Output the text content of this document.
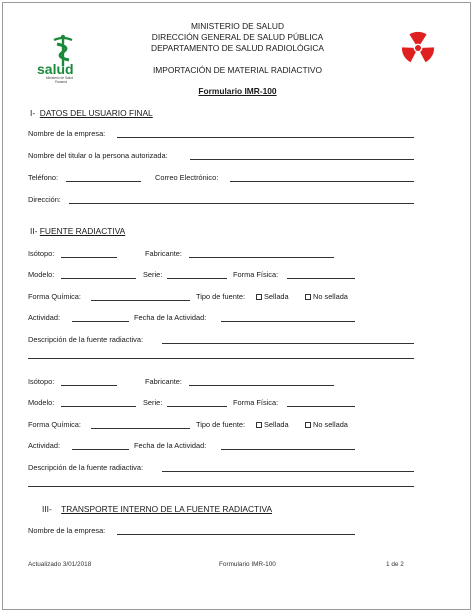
salud
Ministerio de Salud
Panamá
MINISTERIO DE SALUD
DIRECCIÓN GENERAL DE SALUD PÚBLICA
DEPARTAMENTO DE SALUD RADIOLÓGICA
IMPORTACIÓN DE MATERIAL RADIACTIVO
Formulario IMR-100
I- DATOS DEL USUARIO FINAL
Nombre de la empresa:
Nombre del titular o la persona autorizada:
Teléfono:	Correo Electrónico:
Dirección:
II- FUENTE RADIACTIVA
Isótopo:	Fabricante:
Modelo:	Serie:	Forma Física:
Forma Química:	Tipo de fuente:	Sellada	No sellada
Actividad:	Fecha de la Actividad:
Descripción de la fuente radiactiva:
Isótopo:	Fabricante:
Modelo:	Serie:	Forma Física:
Forma Química:	Tipo de fuente:	Sellada	No sellada
Actividad:	Fecha de la Actividad:
Descripción de la fuente radiactiva:
III- TRANSPORTE INTERNO DE LA FUENTE RADIACTIVA
Nombre de la empresa:
Actualizado 3/01/2018	Formulario IMR-100	1 de 2
